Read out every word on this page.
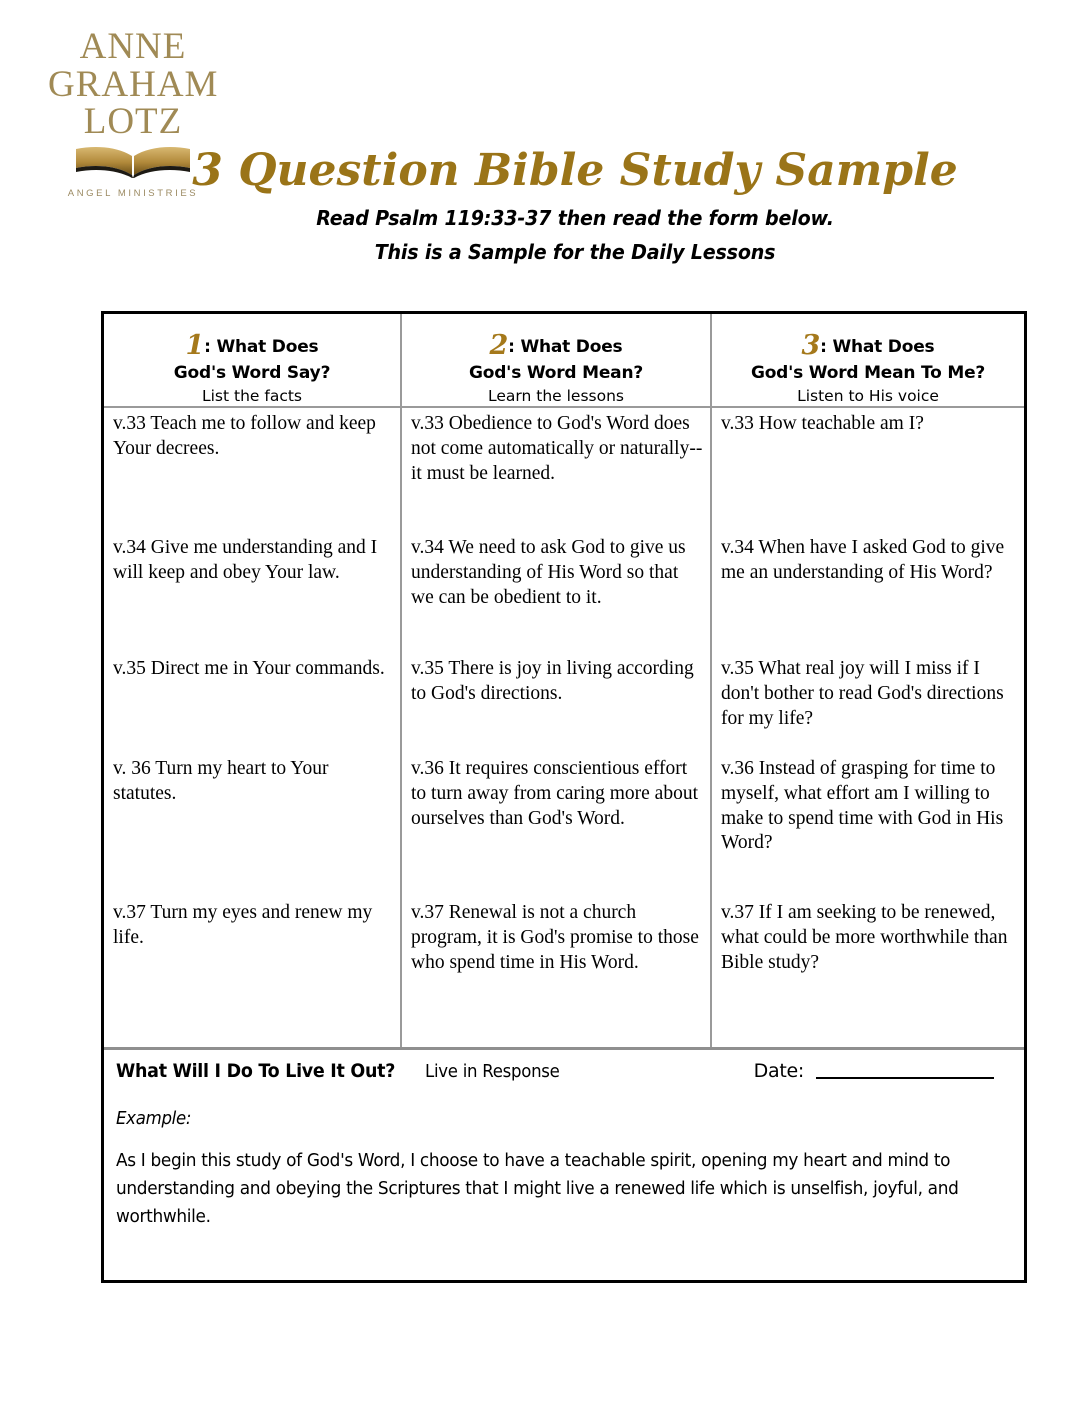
ANNE
GRAHAM
LOTZ
ANGEL MINISTRIES
3 Question Bible Study Sample
Read Psalm 119:33-37 then read the form below.
This is a Sample for the Daily Lessons
1: What Does
God's Word Say?
List the facts
v.33 Teach me to follow and keep Your decrees.
v.34 Give me understanding and I will keep and obey Your law.
v.35 Direct me in Your commands.
v. 36 Turn my heart to Your statutes.
v.37 Turn my eyes and renew my life.
2: What Does
God's Word Mean?
Learn the lessons
v.33 Obedience to God's Word does not come automatically or naturally--it must be learned.
v.34 We need to ask God to give us understanding of His Word so that we can be obedient to it.
v.35 There is joy in living according to God's directions.
v.36 It requires conscientious effort to turn away from caring more about ourselves than God's Word.
v.37 Renewal is not a church program, it is God's promise to those who spend time in His Word.
3: What Does
God's Word Mean To Me?
Listen to His voice
v.33 How teachable am I?
v.34 When have I asked God to give me an understanding of His Word?
v.35 What real joy will I miss if I don't bother to read God's directions for my life?
v.36 Instead of grasping for time to myself, what effort am I willing to make to spend time with God in His Word?
v.37 If I am seeking to be renewed, what could be more worthwhile than Bible study?
What Will I Do To Live It Out? Live in Response	Date:
Example:
As I begin this study of God's Word, I choose to have a teachable spirit, opening my heart and mind to understanding and obeying the Scriptures that I might live a renewed life which is unselfish, joyful, and worthwhile.
